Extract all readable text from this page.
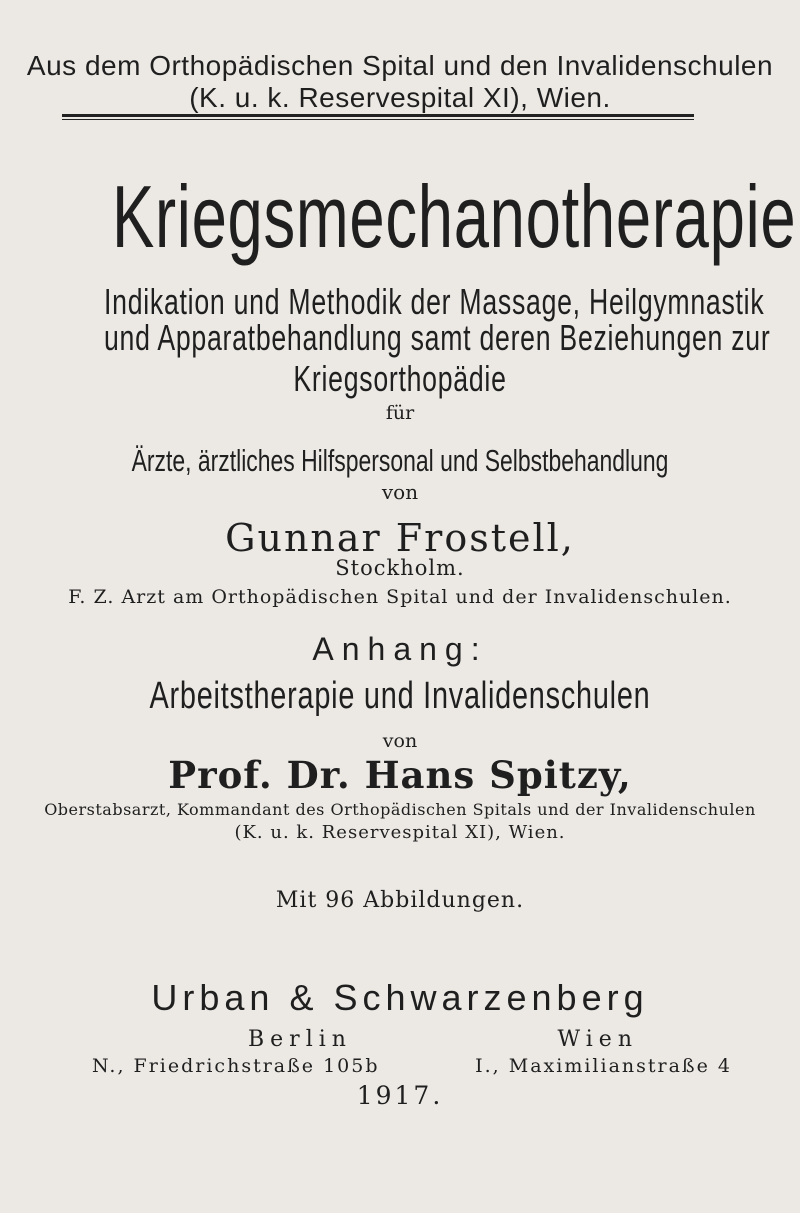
Aus dem Orthopädischen Spital und den Invalidenschulen
(K. u. k. Reservespital XI), Wien.
Kriegsmechanotherapie
Indikation und Methodik der Massage, Heilgymnastik
und Apparatbehandlung samt deren Beziehungen zur
Kriegsorthopädie
für
Ärzte, ärztliches Hilfspersonal und Selbstbehandlung
von
Gunnar Frostell,
Stockholm.
F. Z. Arzt am Orthopädischen Spital und der Invalidenschulen.
Anhang:
Arbeitstherapie und Invalidenschulen
von
Prof. Dr. Hans Spitzy,
Oberstabsarzt, Kommandant des Orthopädischen Spitals und der Invalidenschulen
(K. u. k. Reservespital XI), Wien.
Mit 96 Abbildungen.
Urban & Schwarzenberg
Berlin	Wien
N., Friedrichstraße 105b	I., Maximilianstraße 4
1917.
